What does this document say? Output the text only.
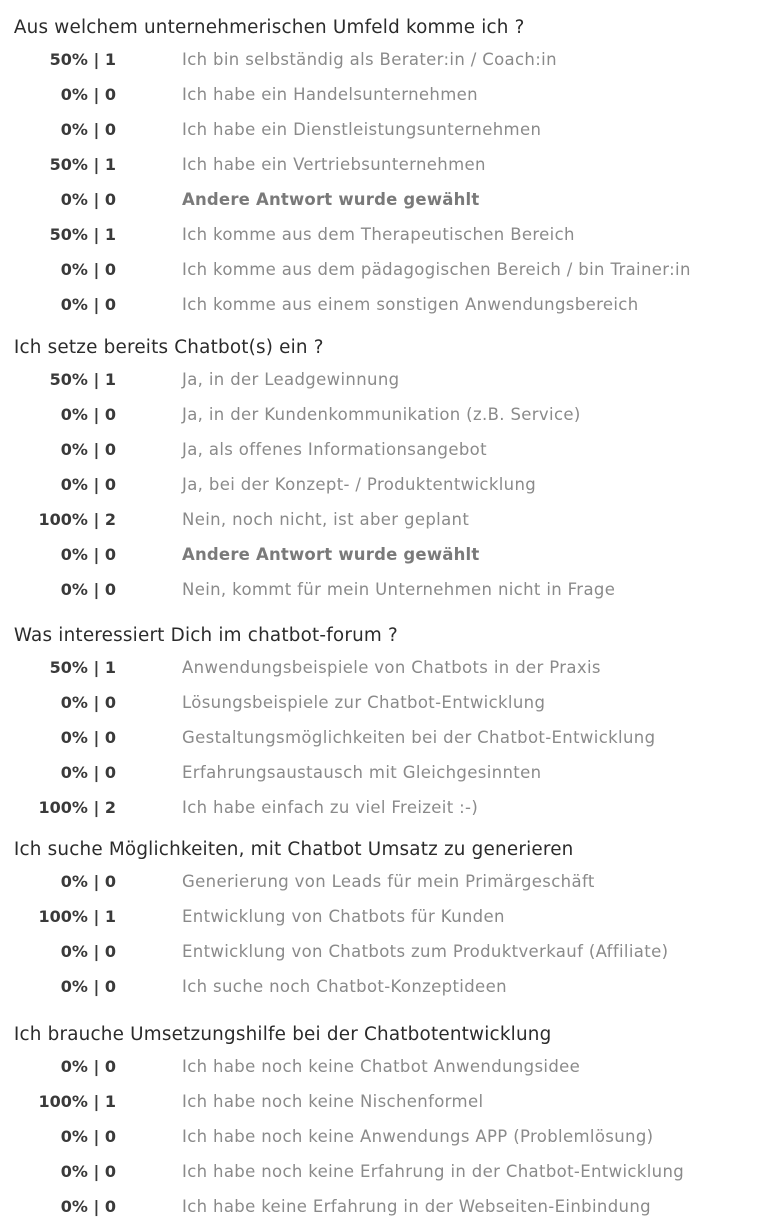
Aus welchem unternehmerischen Umfeld komme ich ?
50% | 1	Ich bin selbständig als Berater:in / Coach:in
0% | 0	Ich habe ein Handelsunternehmen
0% | 0	Ich habe ein Dienstleistungsunternehmen
50% | 1	Ich habe ein Vertriebsunternehmen
0% | 0	Andere Antwort wurde gewählt
50% | 1	Ich komme aus dem Therapeutischen Bereich
0% | 0	Ich komme aus dem pädagogischen Bereich / bin Trainer:in
0% | 0	Ich komme aus einem sonstigen Anwendungsbereich
Ich setze bereits Chatbot(s) ein ?
50% | 1	Ja, in der Leadgewinnung
0% | 0	Ja, in der Kundenkommunikation (z.B. Service)
0% | 0	Ja, als offenes Informationsangebot
0% | 0	Ja, bei der Konzept- / Produktentwicklung
100% | 2	Nein, noch nicht, ist aber geplant
0% | 0	Andere Antwort wurde gewählt
0% | 0	Nein, kommt für mein Unternehmen nicht in Frage
Was interessiert Dich im chatbot-forum ?
50% | 1	Anwendungsbeispiele von Chatbots in der Praxis
0% | 0	Lösungsbeispiele zur Chatbot-Entwicklung
0% | 0	Gestaltungsmöglichkeiten bei der Chatbot-Entwicklung
0% | 0	Erfahrungsaustausch mit Gleichgesinnten
100% | 2	Ich habe einfach zu viel Freizeit :-)
Ich suche Möglichkeiten, mit Chatbot Umsatz zu generieren
0% | 0	Generierung von Leads für mein Primärgeschäft
100% | 1	Entwicklung von Chatbots für Kunden
0% | 0	Entwicklung von Chatbots zum Produktverkauf (Affiliate)
0% | 0	Ich suche noch Chatbot-Konzeptideen
Ich brauche Umsetzungshilfe bei der Chatbotentwicklung
0% | 0	Ich habe noch keine Chatbot Anwendungsidee
100% | 1	Ich habe noch keine Nischenformel
0% | 0	Ich habe noch keine Anwendungs APP (Problemlösung)
0% | 0	Ich habe noch keine Erfahrung in der Chatbot-Entwicklung
0% | 0	Ich habe keine Erfahrung in der Webseiten-Einbindung
